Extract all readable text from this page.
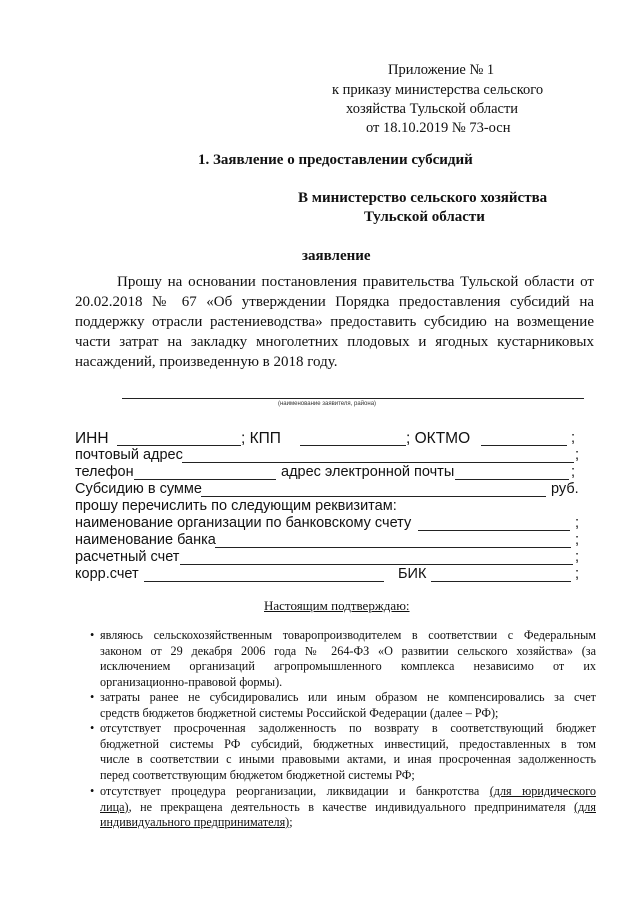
Приложение № 1
к приказу министерства сельского
хозяйства Тульской области
от 18.10.2019 № 73-осн
1. Заявление о предоставлении субсидий
В министерство сельского хозяйства
Тульской области
заявление
Прошу на основании постановления правительства Тульской области от
20.02.2018 № 67 «Об утверждении Порядка предоставления субсидий на
поддержку отрасли растениеводства» предоставить субсидию на возмещение
части затрат на закладку многолетних плодовых и ягодных кустарниковых
насаждений, произведенную в 2018 году.
(наименование заявителя, района)
ИНН	; КПП	; ОКТМО	;
почтовый адрес	;
телефон	адрес электронной почты	;
Субсидию в сумме	руб.
прошу перечислить по следующим реквизитам:
наименование организации по банковскому счету	;
наименование банка	;
расчетный счет	;
корр.счет	БИК	;
Настоящим подтверждаю:
• являюсь сельскохозяйственным товаропроизводителем в соответствии с Федеральным
законом от 29 декабря 2006 года № 264-ФЗ «О развитии сельского хозяйства» (за
исключением организаций агропромышленного комплекса независимо от их
организационно-правовой формы).
• затраты ранее не субсидировались или иным образом не компенсировались за счет
средств бюджетов бюджетной системы Российской Федерации (далее – РФ);
• отсутствует просроченная задолженность по возврату в соответствующий бюджет
бюджетной системы РФ субсидий, бюджетных инвестиций, предоставленных в том
числе в соответствии с иными правовыми актами, и иная просроченная задолженность
перед соответствующим бюджетом бюджетной системы РФ;
• отсутствует процедура реорганизации, ликвидации и банкротства (для юридического
лица), не прекращена деятельность в качестве индивидуального предпринимателя (для
индивидуального предпринимателя);
